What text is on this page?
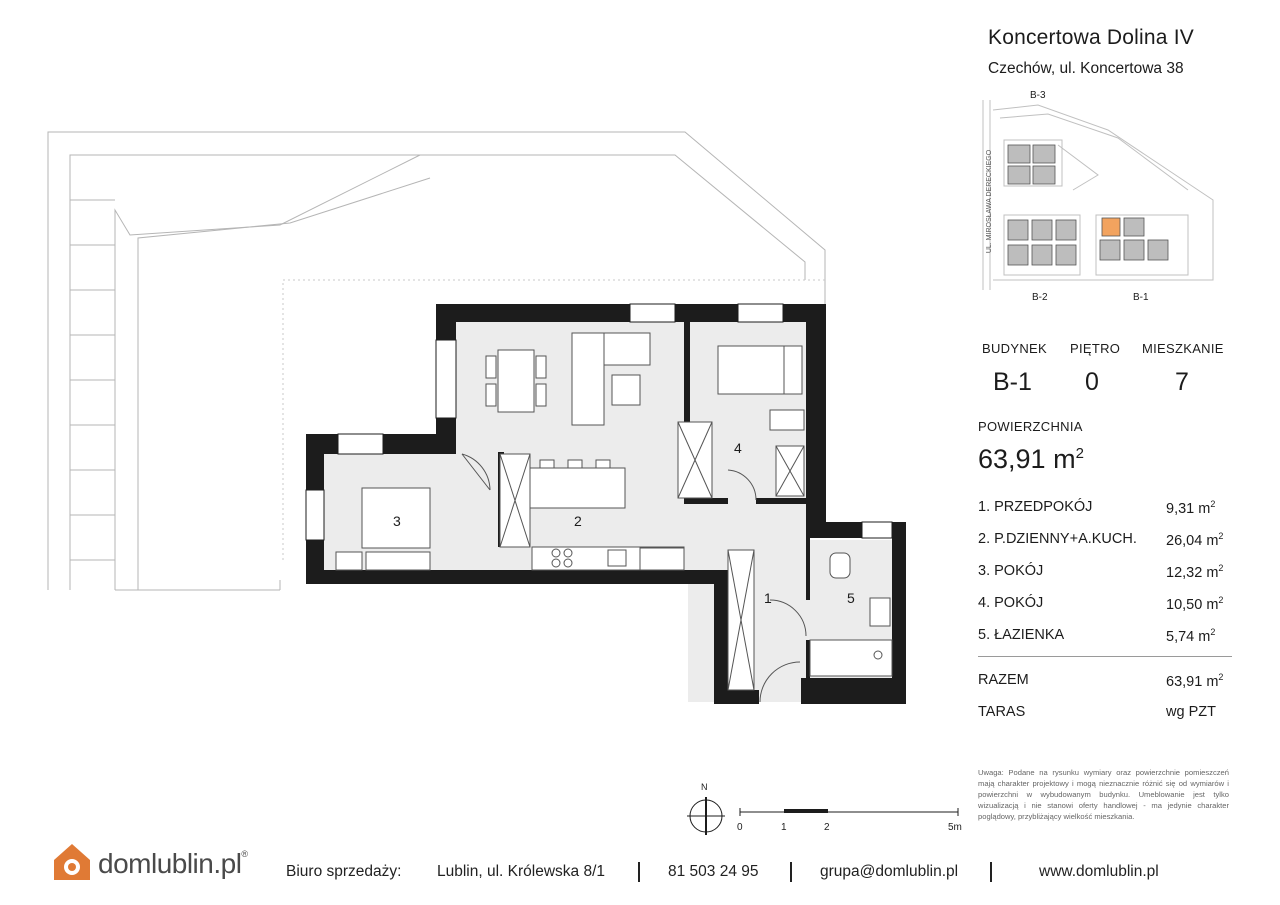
4
2
3
1	5
N
0	1	2	5m
Koncertowa Dolina IV
Czechów, ul. Koncertowa 38
B-3
B-2	B-1
UL. MIROSŁAWA DERECKIEGO
BUDYNEK PIĘTRO MIESZKANIE
B-1 0	7
POWIERZCHNIA
63,91 $m^2$
1. PRZEDPOKÓJ	9,31 $m^2$
2. P.DZIENNY+A.KUCH. 26,04 $m^2$
3. POKÓJ	12,32 $m^2$
4. POKÓJ	10,50 $m^2$
5. ŁAZIENKA	5,74 $m^2$
RAZEM	63,91 $m^2$
TARAS	wg PZT
Uwaga: Podane na rysunku wymiary oraz powierzchnie pomieszczeń mają charakter projektowy i mogą nieznacznie różnić się od wymiarów i powierzchni w wybudowanym budynku. Umeblowanie jest tylko wizualizacją i nie stanowi oferty handlowej - ma jedynie charakter poglądowy, przybliżający wielkość mieszkania.
domlublin.pl®
Biuro sprzedaży: Lublin, ul. Królewska 8/1	81 503 24 95	grupa@domlublin.pl	www.domlublin.pl
